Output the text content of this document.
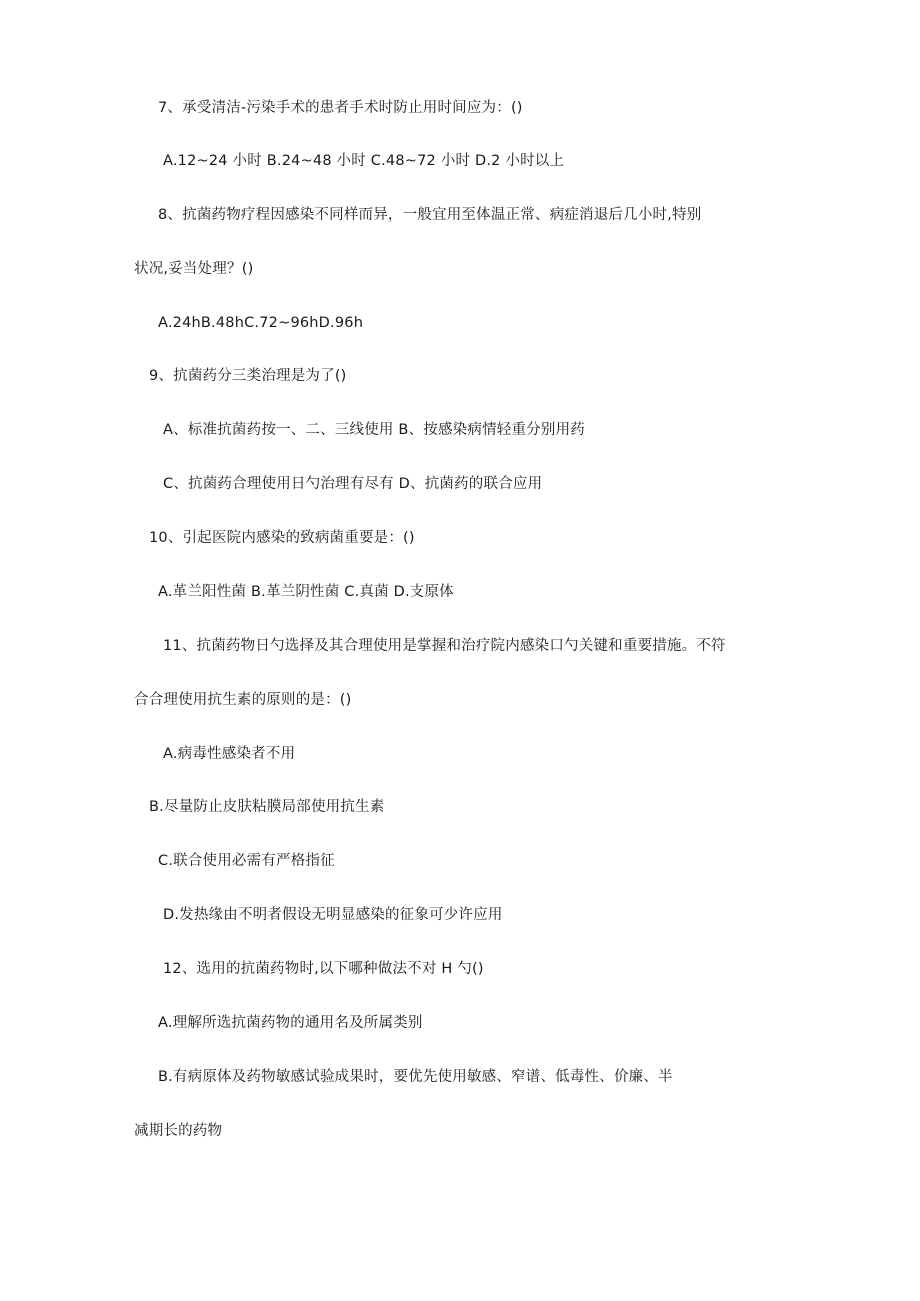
7、承受清洁-污染手术的患者手术时防止用时间应为：()
A.12~24 小时 B.24~48 小时 C.48~72 小时 D.2 小时以上
8、抗菌药物疗程因感染不同样而异，一般宜用至体温正常、病症消退后几小时,特别
状况,妥当处理？()
A.24hB.48hC.72~96hD.96h
9、抗菌药分三类治理是为了()
A、标准抗菌药按一、二、三线使用 B、按感染病情轻重分别用药
C、抗菌药合理使用日勺治理有尽有 D、抗菌药的联合应用
10、引起医院内感染的致病菌重要是：()
A.革兰阳性菌 B.革兰阴性菌 C.真菌 D.支原体
11、抗菌药物日勺选择及其合理使用是掌握和治疗院内感染口勺关键和重要措施。不符
合合理使用抗生素的原则的是：()
A.病毒性感染者不用
B.尽量防止皮肤粘膜局部使用抗生素
C.联合使用必需有严格指征
D.发热缘由不明者假设无明显感染的征象可少许应用
12、选用的抗菌药物时,以下哪种做法不对 H 勺()
A.理解所选抗菌药物的通用名及所属类别
B.有病原体及药物敏感试验成果时，要优先使用敏感、窄谱、低毒性、价廉、半
减期长的药物
